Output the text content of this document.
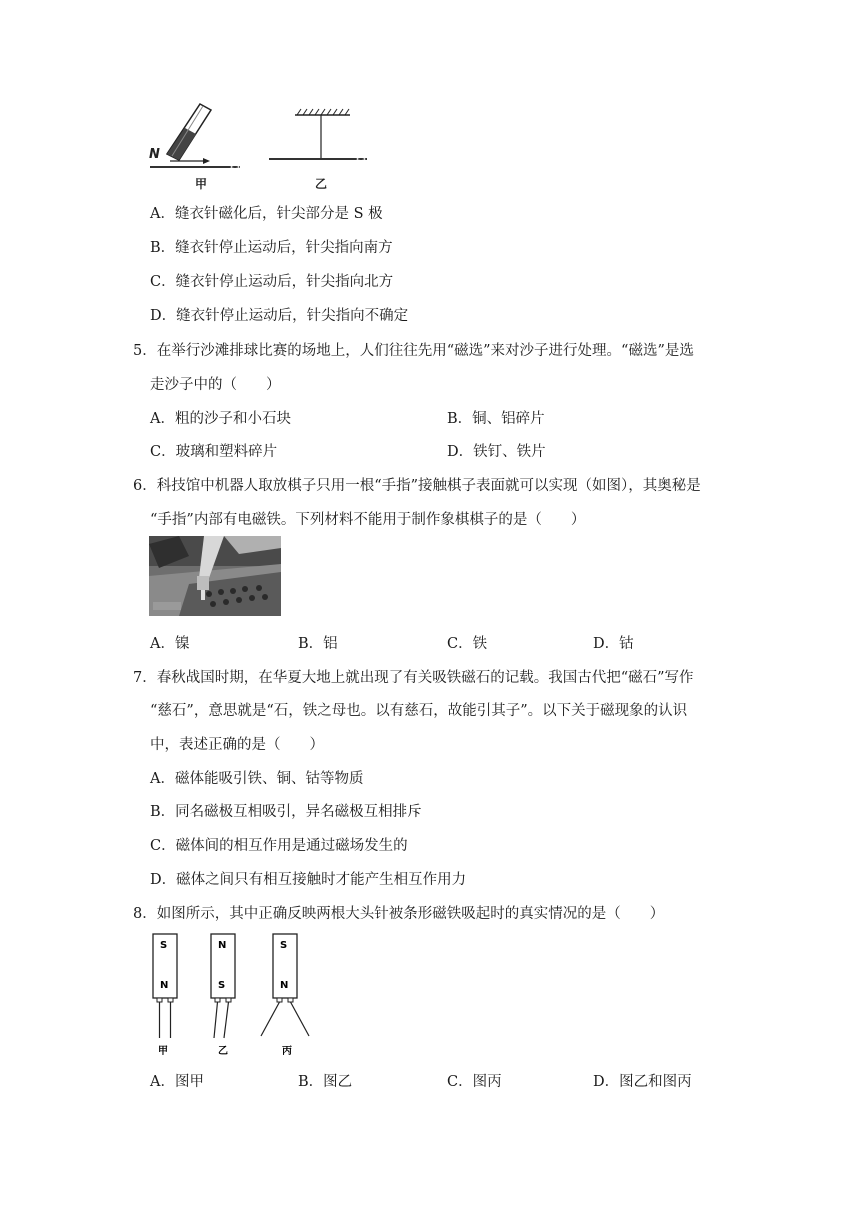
N
甲	乙
A．缝衣针磁化后，针尖部分是 S 极
B．缝衣针停止运动后，针尖指向南方
C．缝衣针停止运动后，针尖指向北方
D．缝衣针停止运动后，针尖指向不确定
5．在举行沙滩排球比赛的场地上，人们往往先用“磁选”来对沙子进行处理。“磁选”是选
走沙子中的（　　）
A．粗的沙子和小石块	B．铜、铝碎片
C．玻璃和塑料碎片	D．铁钉、铁片
6．科技馆中机器人取放棋子只用一根“手指”接触棋子表面就可以实现（如图），其奥秘是
“手指”内部有电磁铁。下列材料不能用于制作象棋棋子的是（　　）
A．镍	B．铝	C．铁	D．钴
7．春秋战国时期，在华夏大地上就出现了有关吸铁磁石的记载。我国古代把“磁石”写作
“慈石”，意思就是“石，铁之母也。以有慈石，故能引其子”。以下关于磁现象的认识
中，表述正确的是（　　）
A．磁体能吸引铁、铜、钴等物质
B．同名磁极互相吸引，异名磁极互相排斥
C．磁体间的相互作用是通过磁场发生的
D．磁体之间只有相互接触时才能产生相互作用力
8．如图所示，其中正确反映两根大头针被条形磁铁吸起时的真实情况的是（　　）
S
N
甲
N
S
乙
S
N
丙
A．图甲	B．图乙	C．图丙	D．图乙和图丙
